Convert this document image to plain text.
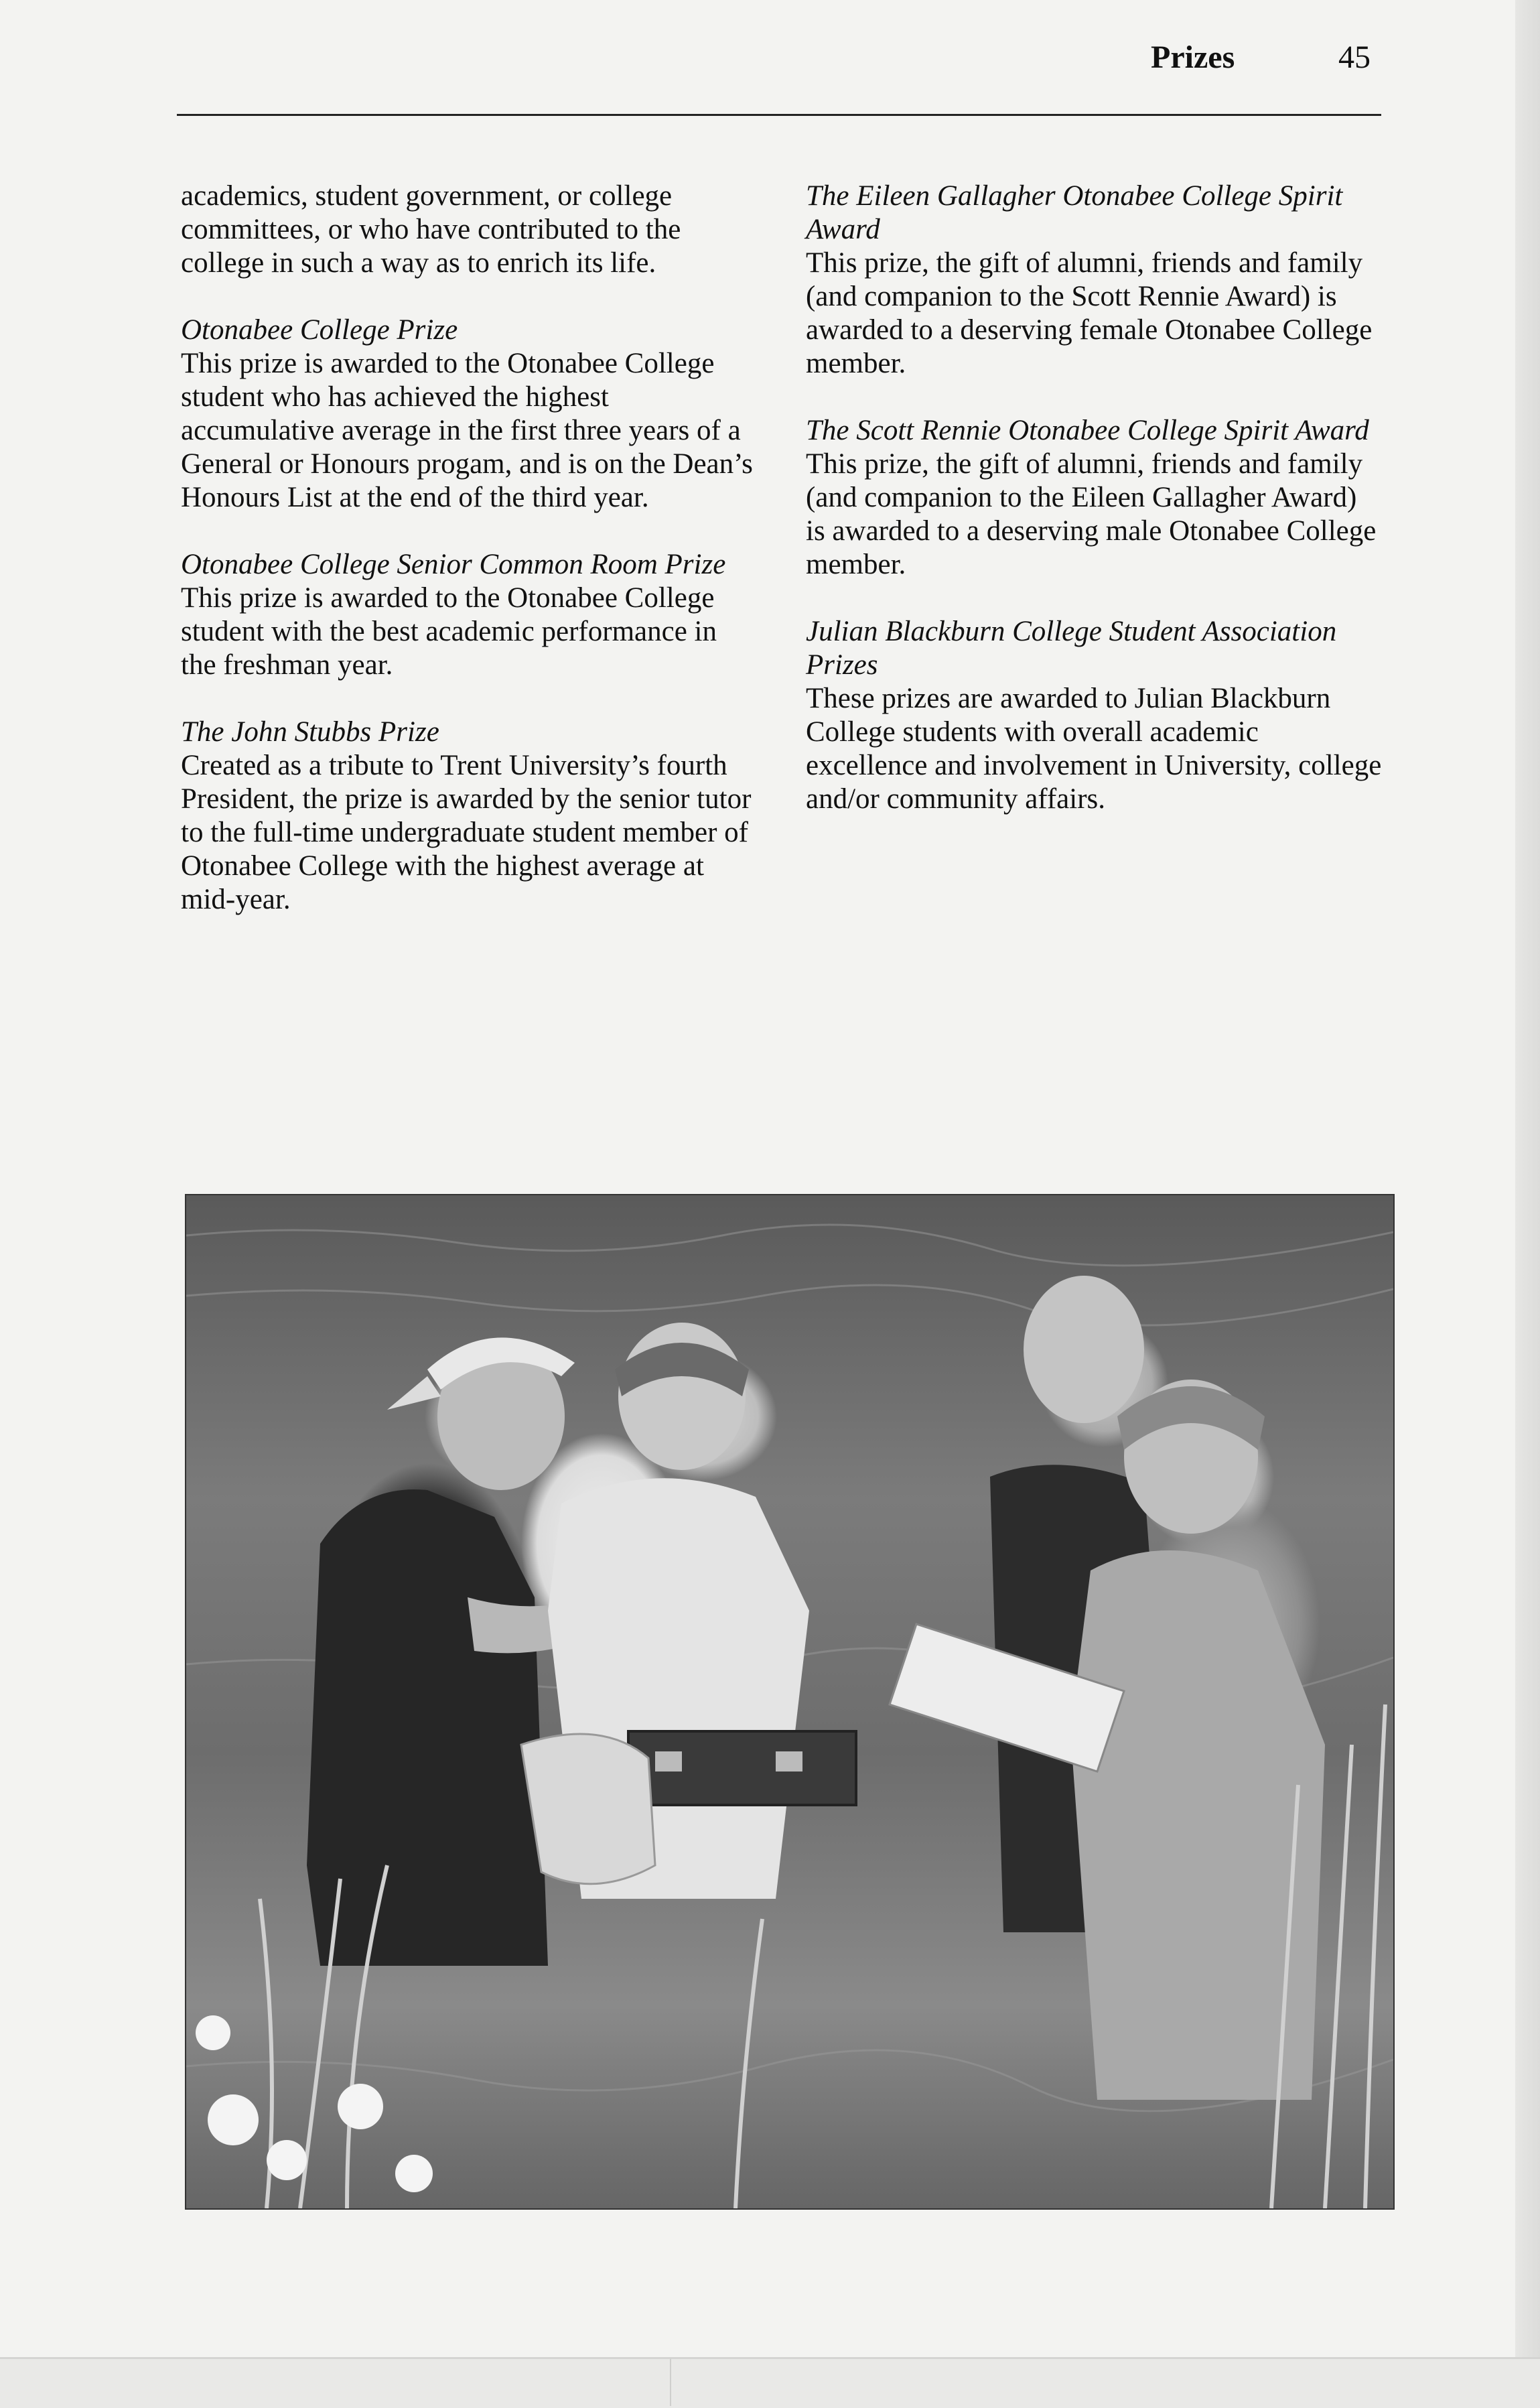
Prizes	45
academics, student government, or college committees, or who have contributed to the college in such a way as to enrich its life.
Otonabee College Prize
This prize is awarded to the Otonabee College student who has achieved the highest accumulative average in the first three years of a General or Honours progam, and is on the Dean’s Honours List at the end of the third year.
Otonabee College Senior Common Room Prize
This prize is awarded to the Otonabee College student with the best academic performance in the freshman year.
The John Stubbs Prize
Created as a tribute to Trent University’s fourth President, the prize is awarded by the senior tutor to the full-time undergraduate student member of Otonabee College with the highest average at mid-year.
The Eileen Gallagher Otonabee College Spirit Award
This prize, the gift of alumni, friends and family (and companion to the Scott Rennie Award) is awarded to a deserving female Otonabee College member.
The Scott Rennie Otonabee College Spirit Award
This prize, the gift of alumni, friends and family (and companion to the Eileen Gallagher Award) is awarded to a deserving male Otonabee College member.
Julian Blackburn College Student Association Prizes
These prizes are awarded to Julian Blackburn College students with overall academic excellence and involvement in University, college and/or community affairs.
